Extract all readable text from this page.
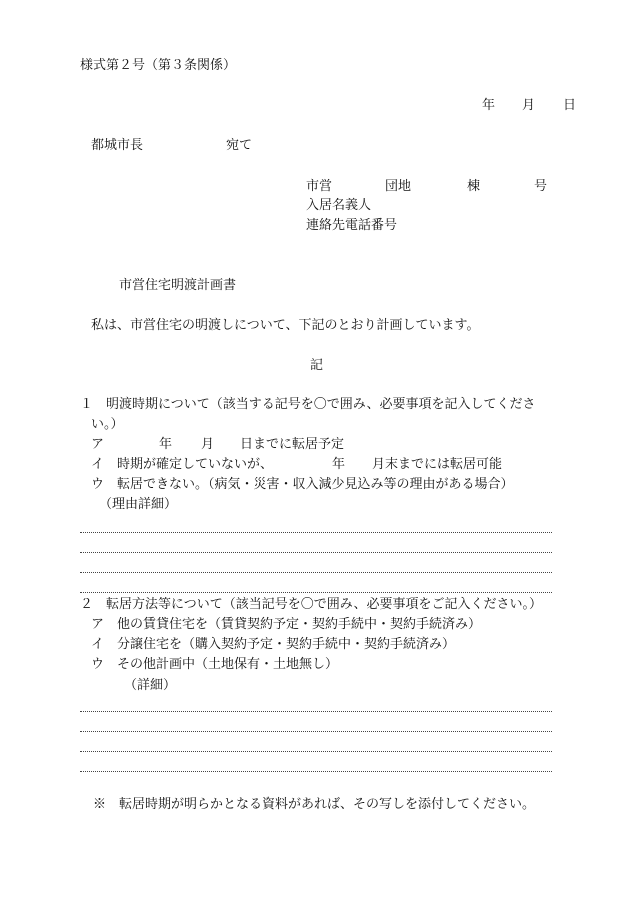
様式第２号（第３条関係）
年 月 日
都城市長	宛て
市営	団地	棟	号
入居名義人
連絡先電話番号
市営住宅明渡計画書
私は、市営住宅の明渡しについて、下記のとおり計画しています。
記
１　明渡時期について（該当する記号を〇で囲み、必要事項を記入してくださ
い。）
ア	年 月 日までに転居予定
イ 時期が確定していないが、	年 月末までには転居可能
ウ 転居できない。（病気・災害・収入減少見込み等の理由がある場合）
（理由詳細）
２　転居方法等について（該当記号を〇で囲み、必要事項をご記入ください。）
ア 他の賃貸住宅を（賃貸契約予定・契約手続中・契約手続済み）
イ 分譲住宅を（購入契約予定・契約手続中・契約手続済み）
ウ その他計画中（土地保有・土地無し）
（詳細）
※　転居時期が明らかとなる資料があれば、その写しを添付してください。
